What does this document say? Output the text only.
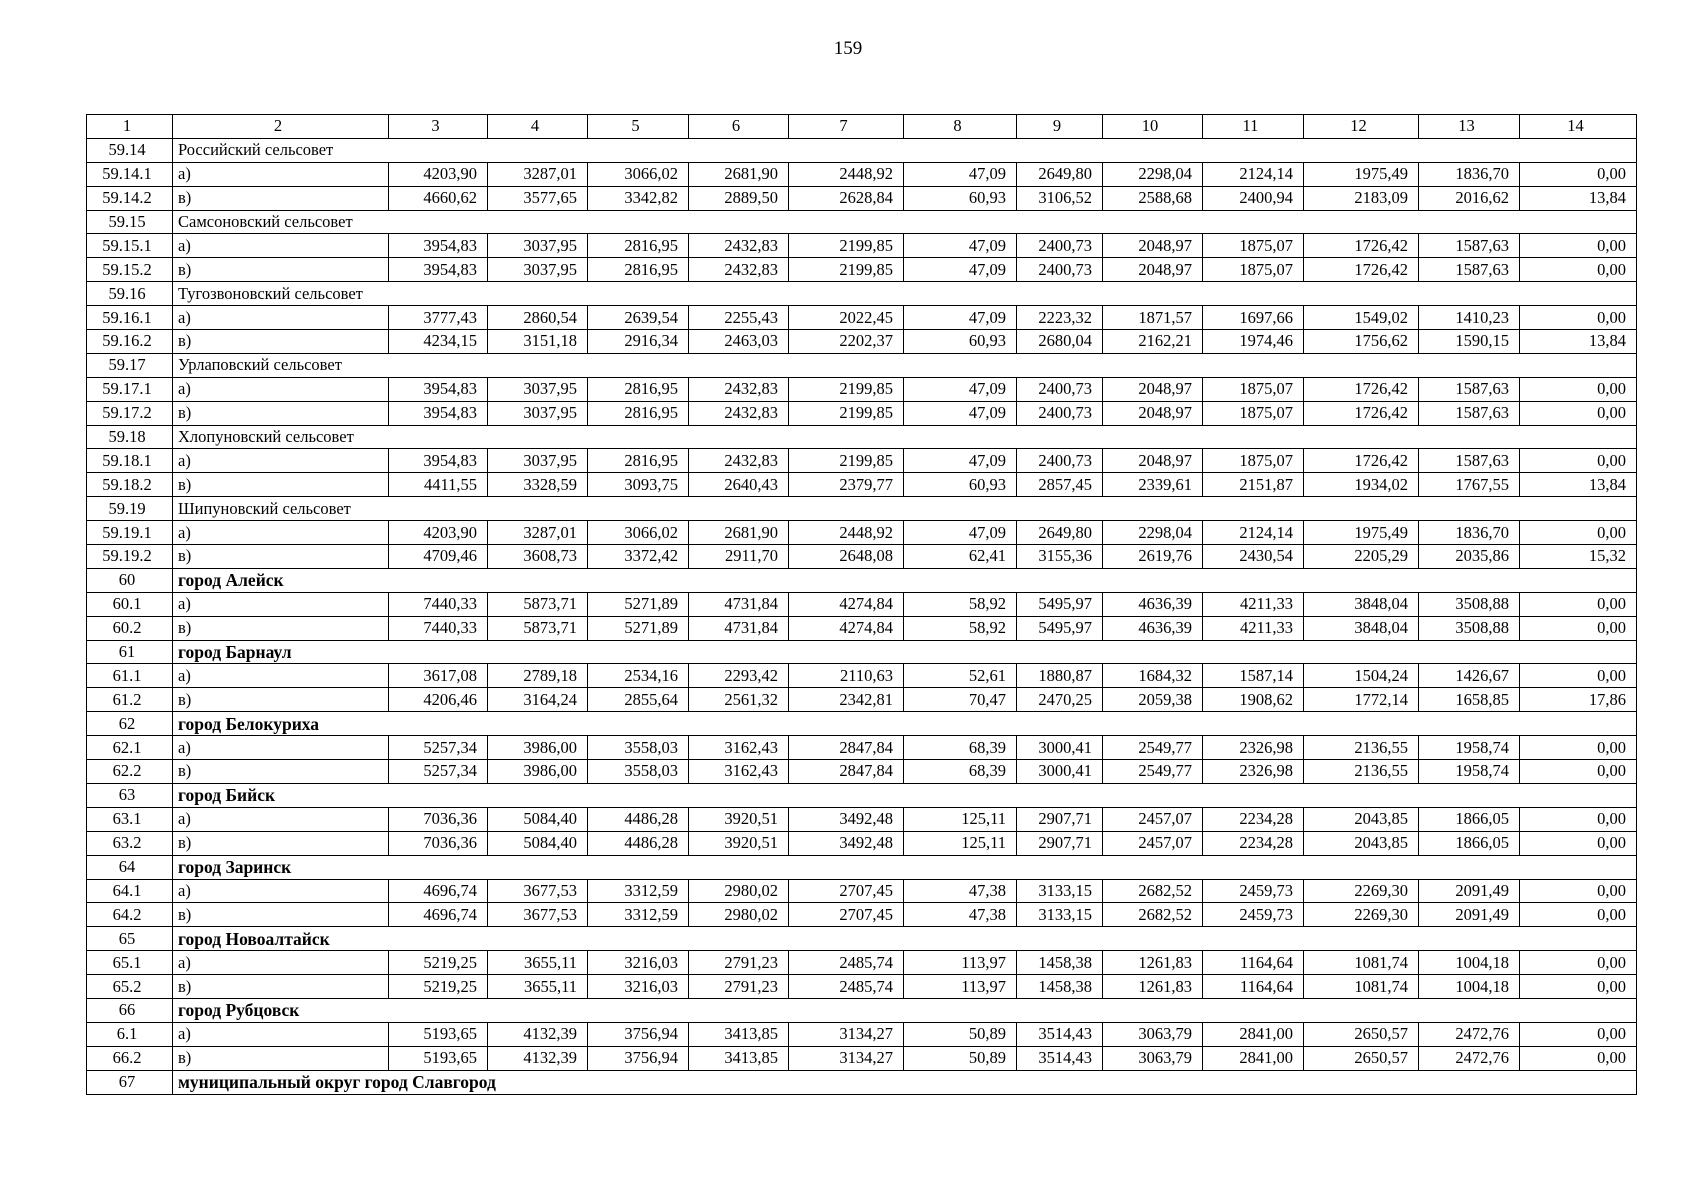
159
1	2	3	4	5	6	7	8	9	10	11	12	13	14
59.14	Российский сельсовет												
59.14.1	а)	4203,90	3287,01	3066,02	2681,90	2448,92	47,09	2649,80	2298,04	2124,14	1975,49	1836,70	0,00
59.14.2	в)	4660,62	3577,65	3342,82	2889,50	2628,84	60,93	3106,52	2588,68	2400,94	2183,09	2016,62	13,84
59.15	Самсоновский сельсовет												
59.15.1	а)	3954,83	3037,95	2816,95	2432,83	2199,85	47,09	2400,73	2048,97	1875,07	1726,42	1587,63	0,00
59.15.2	в)	3954,83	3037,95	2816,95	2432,83	2199,85	47,09	2400,73	2048,97	1875,07	1726,42	1587,63	0,00
59.16	Тугозвоновский сельсовет												
59.16.1	а)	3777,43	2860,54	2639,54	2255,43	2022,45	47,09	2223,32	1871,57	1697,66	1549,02	1410,23	0,00
59.16.2	в)	4234,15	3151,18	2916,34	2463,03	2202,37	60,93	2680,04	2162,21	1974,46	1756,62	1590,15	13,84
59.17	Урлаповский сельсовет												
59.17.1	а)	3954,83	3037,95	2816,95	2432,83	2199,85	47,09	2400,73	2048,97	1875,07	1726,42	1587,63	0,00
59.17.2	в)	3954,83	3037,95	2816,95	2432,83	2199,85	47,09	2400,73	2048,97	1875,07	1726,42	1587,63	0,00
59.18	Хлопуновский сельсовет												
59.18.1	а)	3954,83	3037,95	2816,95	2432,83	2199,85	47,09	2400,73	2048,97	1875,07	1726,42	1587,63	0,00
59.18.2	в)	4411,55	3328,59	3093,75	2640,43	2379,77	60,93	2857,45	2339,61	2151,87	1934,02	1767,55	13,84
59.19	Шипуновский сельсовет												
59.19.1	а)	4203,90	3287,01	3066,02	2681,90	2448,92	47,09	2649,80	2298,04	2124,14	1975,49	1836,70	0,00
59.19.2	в)	4709,46	3608,73	3372,42	2911,70	2648,08	62,41	3155,36	2619,76	2430,54	2205,29	2035,86	15,32
60	город Алейск												
60.1	а)	7440,33	5873,71	5271,89	4731,84	4274,84	58,92	5495,97	4636,39	4211,33	3848,04	3508,88	0,00
60.2	в)	7440,33	5873,71	5271,89	4731,84	4274,84	58,92	5495,97	4636,39	4211,33	3848,04	3508,88	0,00
61	город Барнаул												
61.1	а)	3617,08	2789,18	2534,16	2293,42	2110,63	52,61	1880,87	1684,32	1587,14	1504,24	1426,67	0,00
61.2	в)	4206,46	3164,24	2855,64	2561,32	2342,81	70,47	2470,25	2059,38	1908,62	1772,14	1658,85	17,86
62	город Белокуриха												
62.1	а)	5257,34	3986,00	3558,03	3162,43	2847,84	68,39	3000,41	2549,77	2326,98	2136,55	1958,74	0,00
62.2	в)	5257,34	3986,00	3558,03	3162,43	2847,84	68,39	3000,41	2549,77	2326,98	2136,55	1958,74	0,00
63	город Бийск												
63.1	а)	7036,36	5084,40	4486,28	3920,51	3492,48	125,11	2907,71	2457,07	2234,28	2043,85	1866,05	0,00
63.2	в)	7036,36	5084,40	4486,28	3920,51	3492,48	125,11	2907,71	2457,07	2234,28	2043,85	1866,05	0,00
64	город Заринск												
64.1	а)	4696,74	3677,53	3312,59	2980,02	2707,45	47,38	3133,15	2682,52	2459,73	2269,30	2091,49	0,00
64.2	в)	4696,74	3677,53	3312,59	2980,02	2707,45	47,38	3133,15	2682,52	2459,73	2269,30	2091,49	0,00
65	город Новоалтайск												
65.1	а)	5219,25	3655,11	3216,03	2791,23	2485,74	113,97	1458,38	1261,83	1164,64	1081,74	1004,18	0,00
65.2	в)	5219,25	3655,11	3216,03	2791,23	2485,74	113,97	1458,38	1261,83	1164,64	1081,74	1004,18	0,00
66	город Рубцовск												
6.1	а)	5193,65	4132,39	3756,94	3413,85	3134,27	50,89	3514,43	3063,79	2841,00	2650,57	2472,76	0,00
66.2	в)	5193,65	4132,39	3756,94	3413,85	3134,27	50,89	3514,43	3063,79	2841,00	2650,57	2472,76	0,00
67	муниципальный округ город Славгород												
